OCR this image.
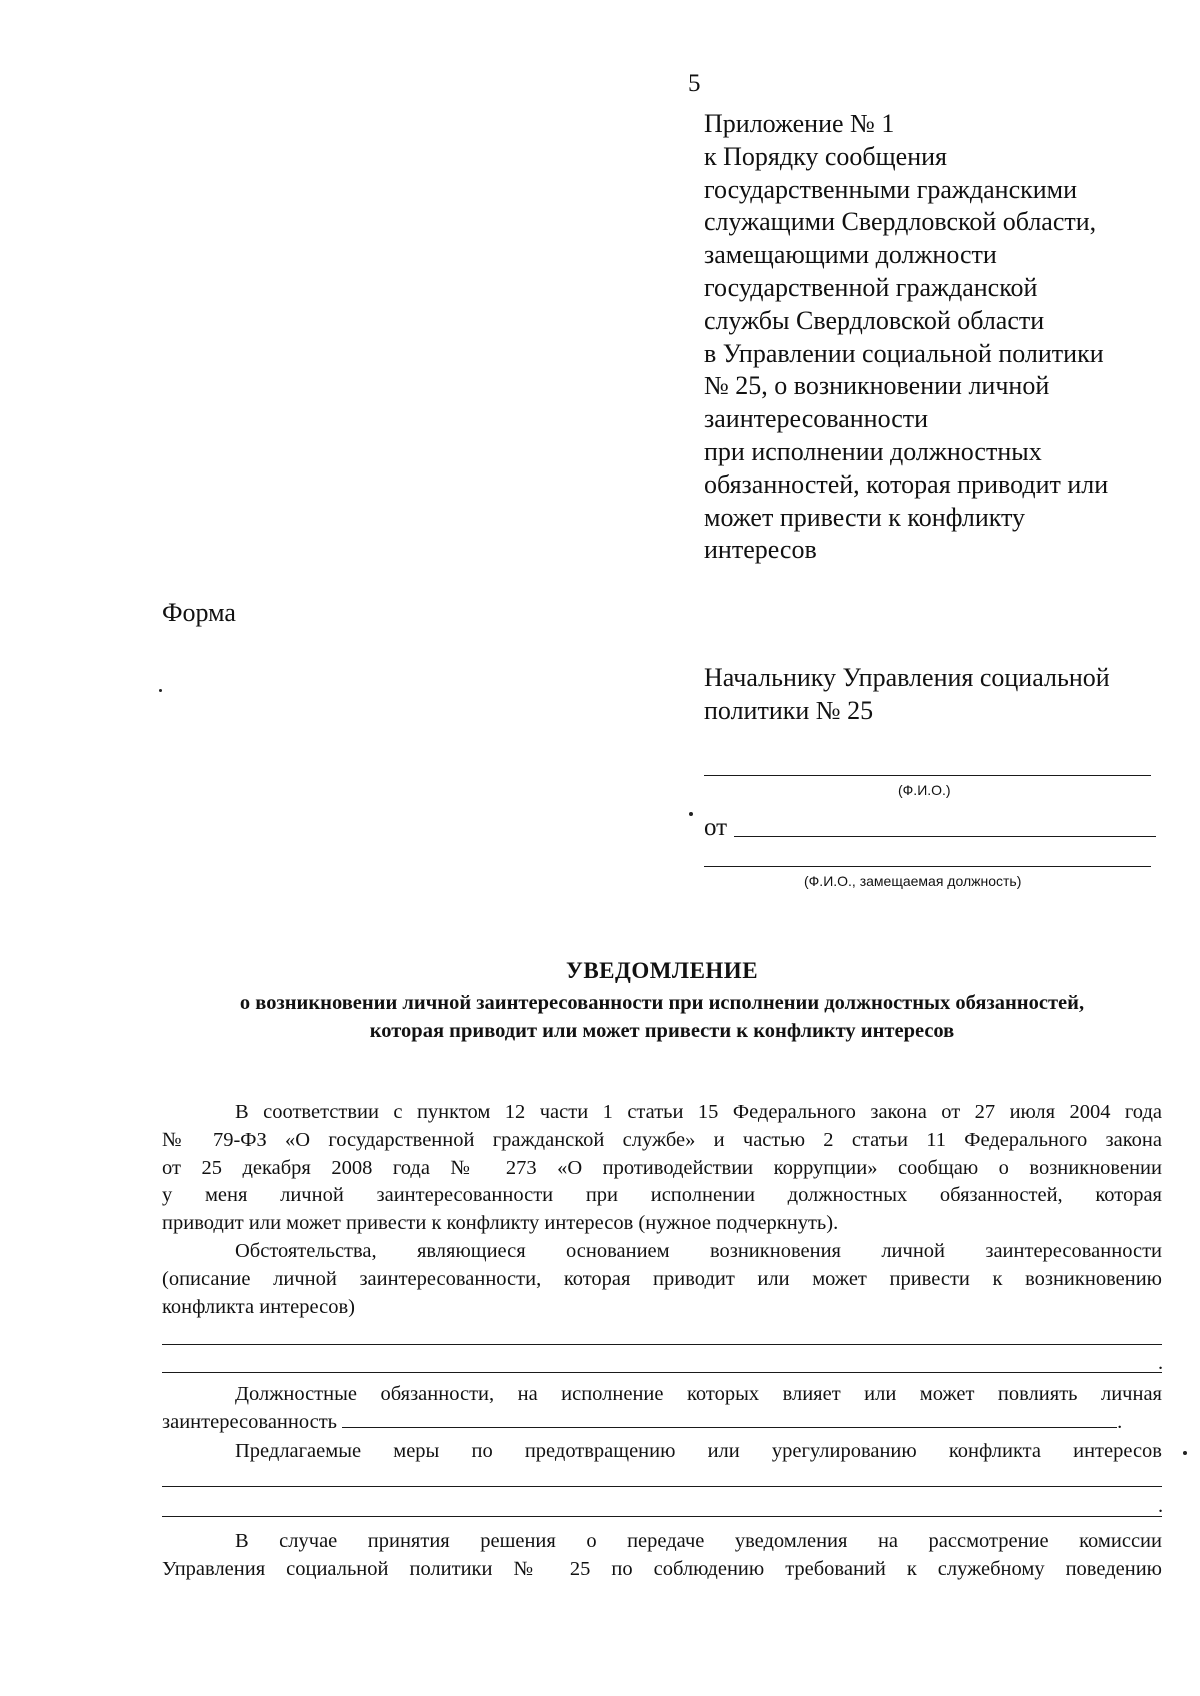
5
Приложение № 1
к Порядку сообщения
государственными гражданскими
служащими Свердловской области,
замещающими должности
государственной гражданской
службы Свердловской области
в Управлении социальной политики
№ 25, о возникновении личной
заинтересованности
при исполнении должностных
обязанностей, которая приводит или
может привести к конфликту
интересов
Форма
Начальнику Управления социальной
политики № 25
(Ф.И.О.)
от
(Ф.И.О., замещаемая должность)
УВЕДОМЛЕНИЕ
о возникновении личной заинтересованности при исполнении должностных обязанностей,
которая приводит или может привести к конфликту интересов
В соответствии с пунктом 12 части 1 статьи 15 Федерального закона от 27 июля 2004 года
№ 79-ФЗ «О государственной гражданской службе» и частью 2 статьи 11 Федерального закона
от 25 декабря 2008 года № 273 «О противодействии коррупции» сообщаю о возникновении
у меня личной заинтересованности при исполнении должностных обязанностей, которая
приводит или может привести к конфликту интересов (нужное подчеркнуть).
Обстоятельства, являющиеся основанием возникновения личной заинтересованности
(описание личной заинтересованности, которая приводит или может привести к возникновению
конфликта интересов)
.
Должностные обязанности, на исполнение которых влияет или может повлиять личная
заинтересованность	.
Предлагаемые меры по предотвращению или урегулированию конфликта интересов
.
В случае принятия решения о передаче уведомления на рассмотрение комиссии
Управления социальной политики № 25 по соблюдению требований к служебному поведению
